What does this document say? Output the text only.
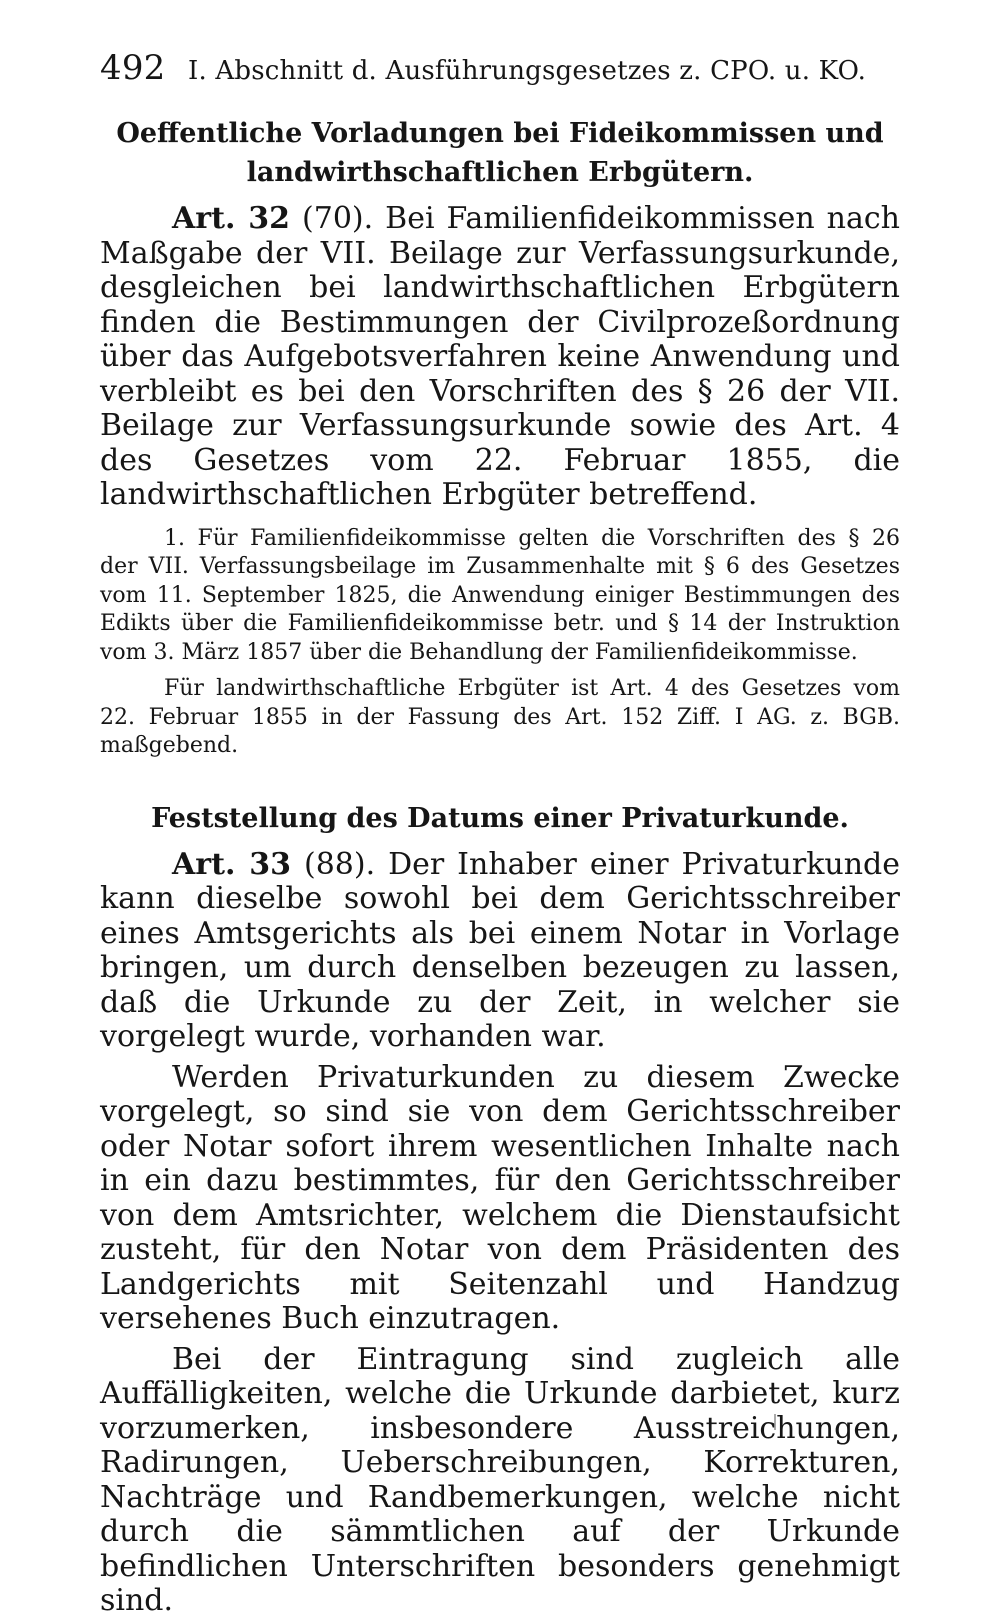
492 I. Abschnitt d. Ausführungsgesetzes z. CPO. u. KO.
Oeffentliche Vorladungen bei Fideikommissen und landwirthschaftlichen Erbgütern.

Art. 32 (70). Bei Familienfideikommissen nach Maßgabe der VII. Beilage zur Verfassungsurkunde, desgleichen bei landwirthschaftlichen Erbgütern finden die Bestimmungen der Civilprozeßordnung über das Aufgebotsverfahren keine Anwendung und verbleibt es bei den Vorschriften des § 26 der VII. Beilage zur Verfassungsurkunde sowie des Art. 4 des Gesetzes vom 22. Februar 1855, die landwirthschaftlichen Erbgüter betreffend.

1. Für Familienfideikommisse gelten die Vorschriften des § 26 der VII. Verfassungsbeilage im Zusammenhalte mit § 6 des Gesetzes vom 11. September 1825, die Anwendung einiger Bestimmungen des Edikts über die Familienfideikommisse betr. und § 14 der Instruktion vom 3. März 1857 über die Behandlung der Familienfideikommisse.

Für landwirthschaftliche Erbgüter ist Art. 4 des Gesetzes vom 22. Februar 1855 in der Fassung des Art. 152 Ziff. I AG. z. BGB. maßgebend.

Feststellung des Datums einer Privaturkunde.

Art. 33 (88). Der Inhaber einer Privaturkunde kann dieselbe sowohl bei dem Gerichtsschreiber eines Amtsgerichts als bei einem Notar in Vorlage bringen, um durch denselben bezeugen zu lassen, daß die Urkunde zu der Zeit, in welcher sie vorgelegt wurde, vorhanden war.

Werden Privaturkunden zu diesem Zwecke vorgelegt, so sind sie von dem Gerichtsschreiber oder Notar sofort ihrem wesentlichen Inhalte nach in ein dazu bestimmtes, für den Gerichtsschreiber von dem Amtsrichter, welchem die Dienstaufsicht zusteht, für den Notar von dem Präsidenten des Landgerichts mit Seitenzahl und Handzug versehenes Buch einzutragen.

Bei der Eintragung sind zugleich alle Auffälligkeiten, welche die Urkunde darbietet, kurz vorzumerken, insbesondere Ausstreichungen, Radirungen, Ueberschreibungen, Korrekturen, Nachträge und Randbemerkungen, welche nicht durch die sämmtlichen auf der Urkunde befindlichen Unterschriften besonders genehmigt sind.
